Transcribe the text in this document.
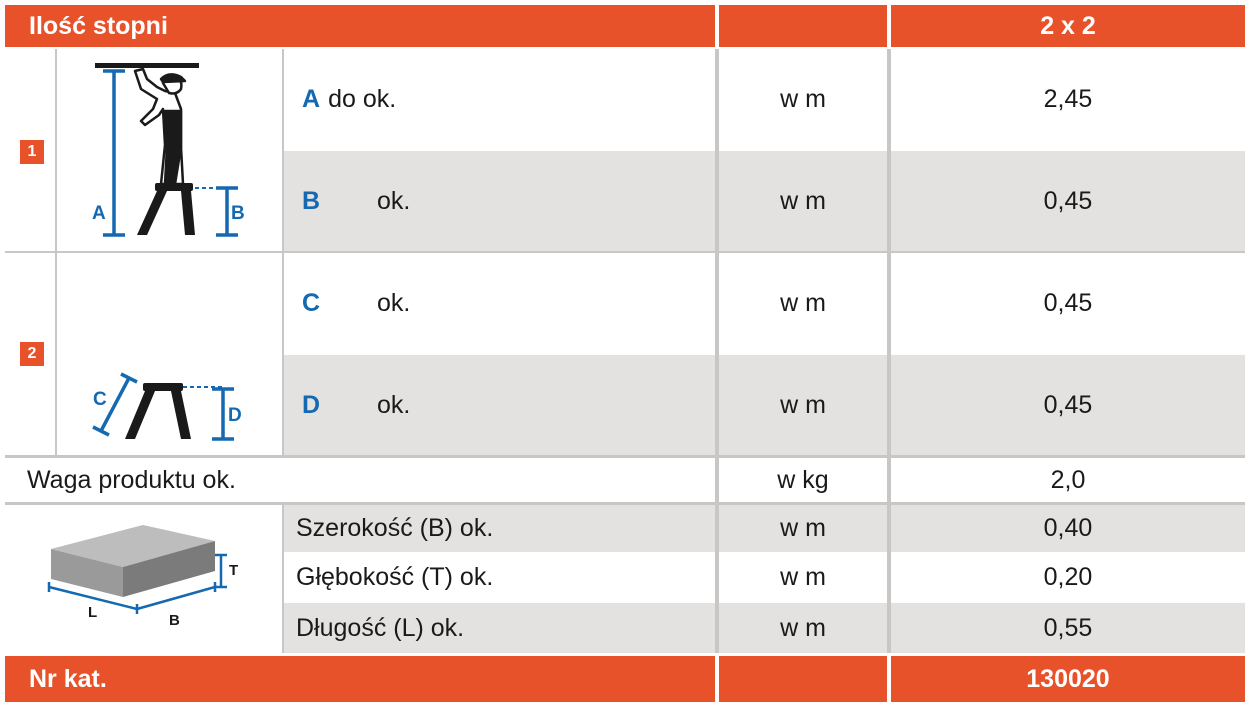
Ilość stopni	2 x 2
1
A	B
A do ok.	w m	2,45
B	ok.	w m	0,45
2
C
D
C	ok.	w m	0,45
D	ok.	w m	0,45
Waga produktu ok.	w kg	2,0
T
L	B
Szerokość (B) ok.	w m	0,40
Głębokość (T) ok.	w m	0,20
Długość (L) ok.	w m	0,55
Nr kat.	130020
